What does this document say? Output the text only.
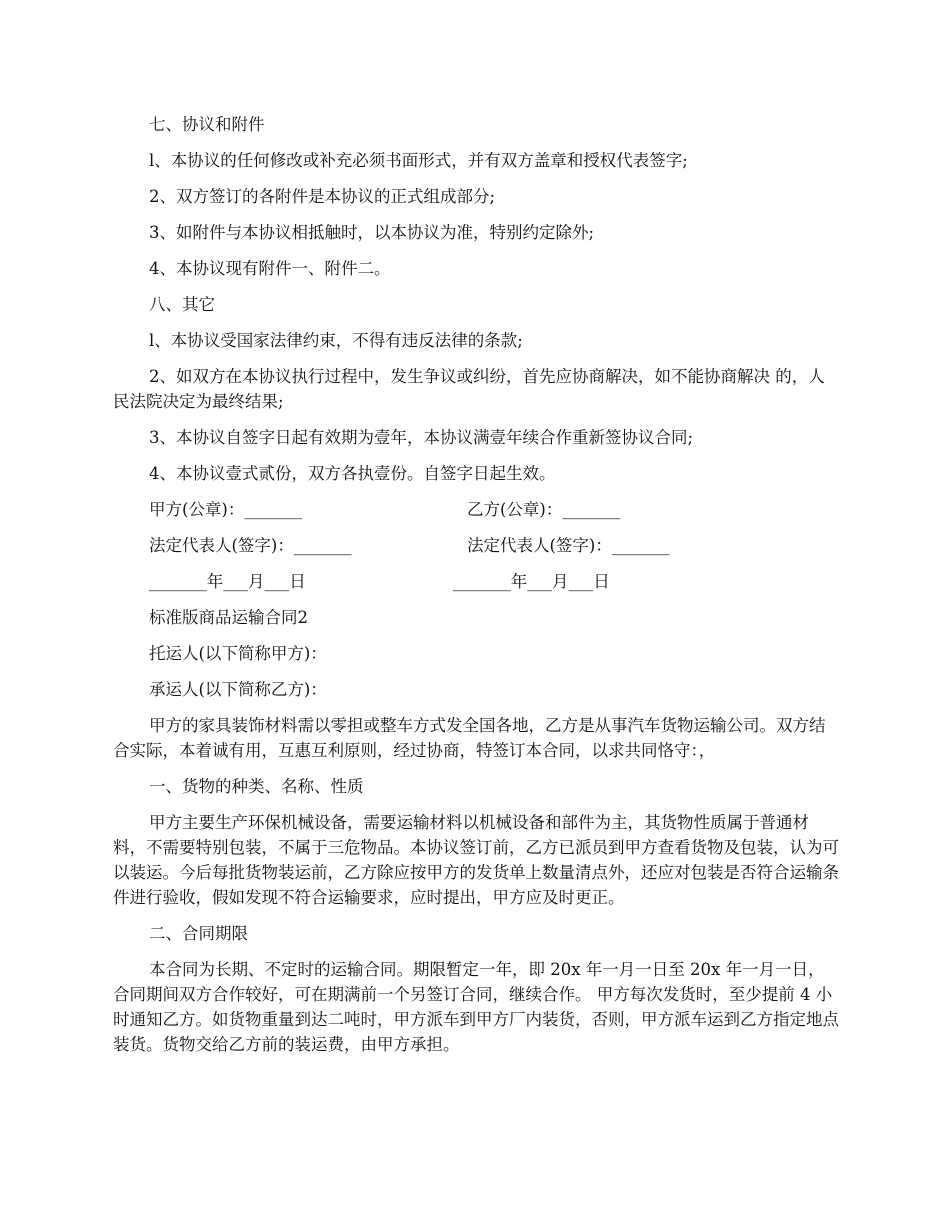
七、协议和附件

l、本协议的任何修改或补充必须书面形式，并有双方盖章和授权代表签字;

2、双方签订的各附件是本协议的正式组成部分;

3、如附件与本协议相抵触时，以本协议为准，特别约定除外;

4、本协议现有附件一、附件二。

八、其它

l、本协议受国家法律约束，不得有违反法律的条款;

2、如双方在本协议执行过程中，发生争议或纠纷，首先应协商解决，如不能协商解决 的，人民法院决定为最终结果;

3、本协议自签字日起有效期为壹年，本协议满壹年续合作重新签协议合同;

4、本协议壹式贰份，双方各执壹份。自签字日起生效。

甲方(公章)：_______	乙方(公章)：_______
法定代表人(签字)：_______	法定代表人(签字)：_______
_______年___月___日	_______年___月___日

标准版商品运输合同2

托运人(以下简称甲方)：

承运人(以下简称乙方)：

甲方的家具装饰材料需以零担或整车方式发全国各地，乙方是从事汽车货物运输公司。双方结合实际，本着诚有用，互惠互利原则，经过协商，特签订本合同，以求共同恪守：，

一、货物的种类、名称、性质

甲方主要生产环保机械设备，需要运输材料以机械设备和部件为主，其货物性质属于普通材料，不需要特别包装，不属于三危物品。本协议签订前，乙方已派员到甲方查看货物及包装，认为可以装运。今后每批货物装运前，乙方除应按甲方的发货单上数量清点外，还应对包装是否符合运输条件进行验收，假如发现不符合运输要求，应时提出，甲方应及时更正。

二、合同期限

本合同为长期、不定时的运输合同。期限暂定一年，即 20x 年一月一日至 20x 年一月一日，合同期间双方合作较好，可在期满前一个另签订合同，继续合作。 甲方每次发货时，至少提前 4 小时通知乙方。如货物重量到达二吨时，甲方派车到甲方厂内装货，否则，甲方派车运到乙方指定地点装货。货物交给乙方前的装运费，由甲方承担。
